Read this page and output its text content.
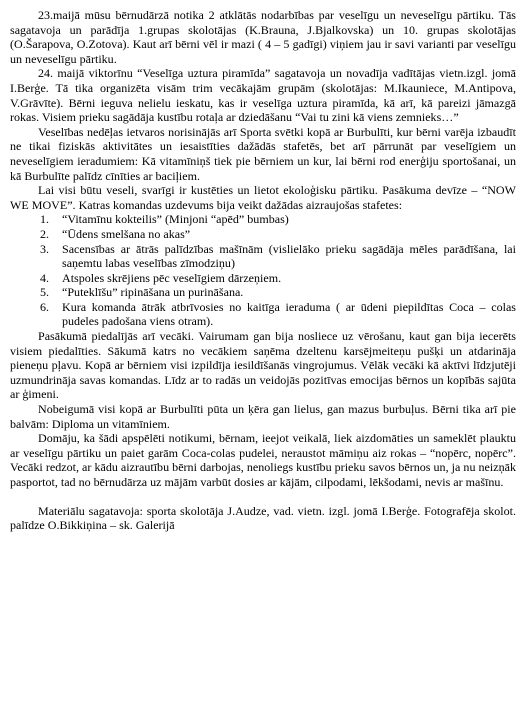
23.maijā mūsu bērnudārzā notika 2 atklātās nodarbības par veselīgu un neveselīgu pārtiku. Tās sagatavoja un parādīja 1.grupas skolotājas (K.Brauna, J.Bjalkovska) un 10. grupas skolotājas (O.Šarapova, O.Zotova). Kaut arī bērni vēl ir mazi ( 4 – 5 gadīgi) viņiem jau ir savi varianti par veselīgu un neveselīgu pārtiku.

24. maijā viktorīnu “Veselīga uztura piramīda” sagatavoja un novadīja vadītājas vietn.izgl. jomā I.Berģe. Tā tika organizēta visām trim vecākajām grupām (skolotājas: M.Ikauniece, M.Antipova, V.Grāvīte). Bērni ieguva nelielu ieskatu, kas ir veselīga uztura piramīda, kā arī, kā pareizi jāmazgā rokas. Visiem prieku sagādāja kustību rotaļa ar dziedāšanu “Vai tu zini kā viens zemnieks…”

Veselības nedēļas ietvaros norisinājās arī Sporta svētki kopā ar Burbulīti, kur bērni varēja izbaudīt ne tikai fiziskās aktivitātes un iesaistīties dažādās stafetēs, bet arī pārrunāt par veselīgiem un neveselīgiem ieradumiem: Kā vitamīniņš tiek pie bērniem un kur, lai bērni rod enerģiju sportošanai, un kā Burbulīte palīdz cīnīties ar baciļiem.

Lai visi būtu veseli, svarīgi ir kustēties un lietot ekoloģisku pārtiku. Pasākuma devīze – “NOW WE MOVE”. Katras komandas uzdevums bija veikt dažādas aizraujošas stafetes:

1. “Vitamīnu kokteilis” (Minjoni “apēd” bumbas)
2. “Ūdens smelšana no akas”
3. Sacensības ar ātrās palīdzības mašīnām (vislielāko prieku sagādāja mēles parādīšana, lai saņemtu labas veselības zīmodziņu)
4. Atspoles skrējiens pēc veselīgiem dārzeņiem.
5. “Puteklīšu” ripināšana un purināšana.
6. Kura komanda ātrāk atbrīvosies no kaitīga ieraduma ( ar ūdeni piepildītas Coca – colas pudeles padošana viens otram).

Pasākumā piedalījās arī vecāki. Vairumam gan bija nosliece uz vērošanu, kaut gan bija iecerēts visiem piedalīties. Sākumā katrs no vecākiem saņēma dzeltenu karsējmeiteņu pušķi un atdarināja pieneņu pļavu. Kopā ar bērniem visi izpildīja iesildīšanās vingrojumus. Vēlāk vecāki kā aktīvi līdzjutēji uzmundrināja savas komandas. Līdz ar to radās un veidojās pozitīvas emocijas bērnos un kopībās sajūta ar ģimeni.

Nobeigumā visi kopā ar Burbulīti pūta un ķēra gan lielus, gan mazus burbuļus. Bērni tika arī pie balvām: Diploma un vitamīniem.

Domāju, ka šādi apspēlēti notikumi, bērnam, ieejot veikalā, liek aizdomāties un sameklēt plauktu ar veselīgu pārtiku un paiet garām Coca-colas pudelei, neraustot māmiņu aiz rokas – “nopērc, nopērc”. Vecāki redzot, ar kādu aizrautību bērni darbojas, nenoliegs kustību prieku savos bērnos un, ja nu neizņāk pasportot, tad no bērnudārza uz mājām varbūt dosies ar kājām, cilpodami, lēkšodami, nevis ar mašīnu.

Materiālu sagatavoja: sporta skolotāja J.Audze, vad. vietn. izgl. jomā I.Berģe. Fotografēja skolot. palīdze O.Bikkiņina – sk. Galerijā
